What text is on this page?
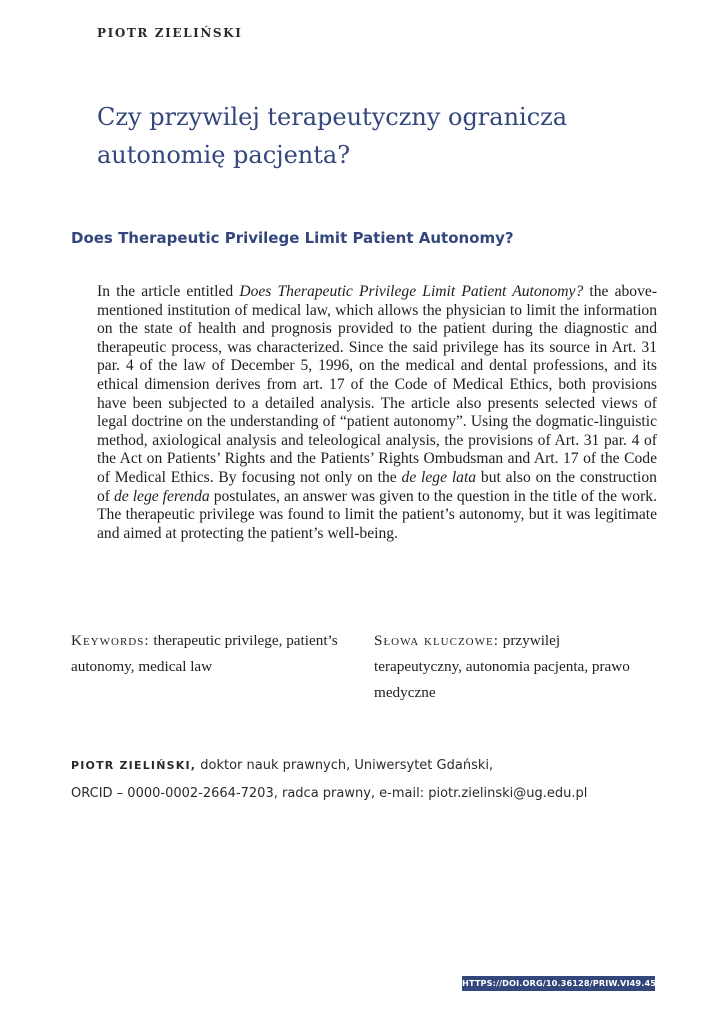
PIOTR ZIELIŃSKI
Czy przywilej terapeutyczny ogranicza autonomię pacjenta?
Does Therapeutic Privilege Limit Patient Autonomy?

In the article entitled Does Therapeutic Privilege Limit Patient Autonomy? the above-mentioned institution of medical law, which allows the physician to limit the information on the state of health and prognosis provided to the patient during the diagnostic and therapeutic process, was characterized. Since the said privilege has its source in Art. 31 par. 4 of the law of December 5, 1996, on the medical and dental professions, and its ethical dimension derives from art. 17 of the Code of Medical Ethics, both provisions have been subjected to a detailed analysis. The article also presents selected views of legal doctrine on the understanding of “patient autonomy”. Using the dogmatic-linguistic method, axiological analysis and teleological analysis, the provisions of Art. 31 par. 4 of the Act on Patients’ Rights and the Patients’ Rights Ombudsman and Art. 17 of the Code of Medical Ethics. By focusing not only on the de lege lata but also on the construction of de lege ferenda postulates, an answer was given to the question in the title of the work. The therapeutic privilege was found to limit the patient’s autonomy, but it was legitimate and aimed at protecting the patient’s well-being.

Keywords: therapeutic privilege, patient’s autonomy, medical law

Słowa kluczowe: przywilej terapeutyczny, autonomia pacjenta, prawo medyczne

PIOTR ZIELIŃSKI, doktor nauk prawnych, Uniwersytet Gdański,
ORCID – 0000-0002-2664-7203, radca prawny, e-mail: piotr.zielinski@ug.edu.pl

HTTPS://DOI.ORG/10.36128/PRIW.VI49.451
